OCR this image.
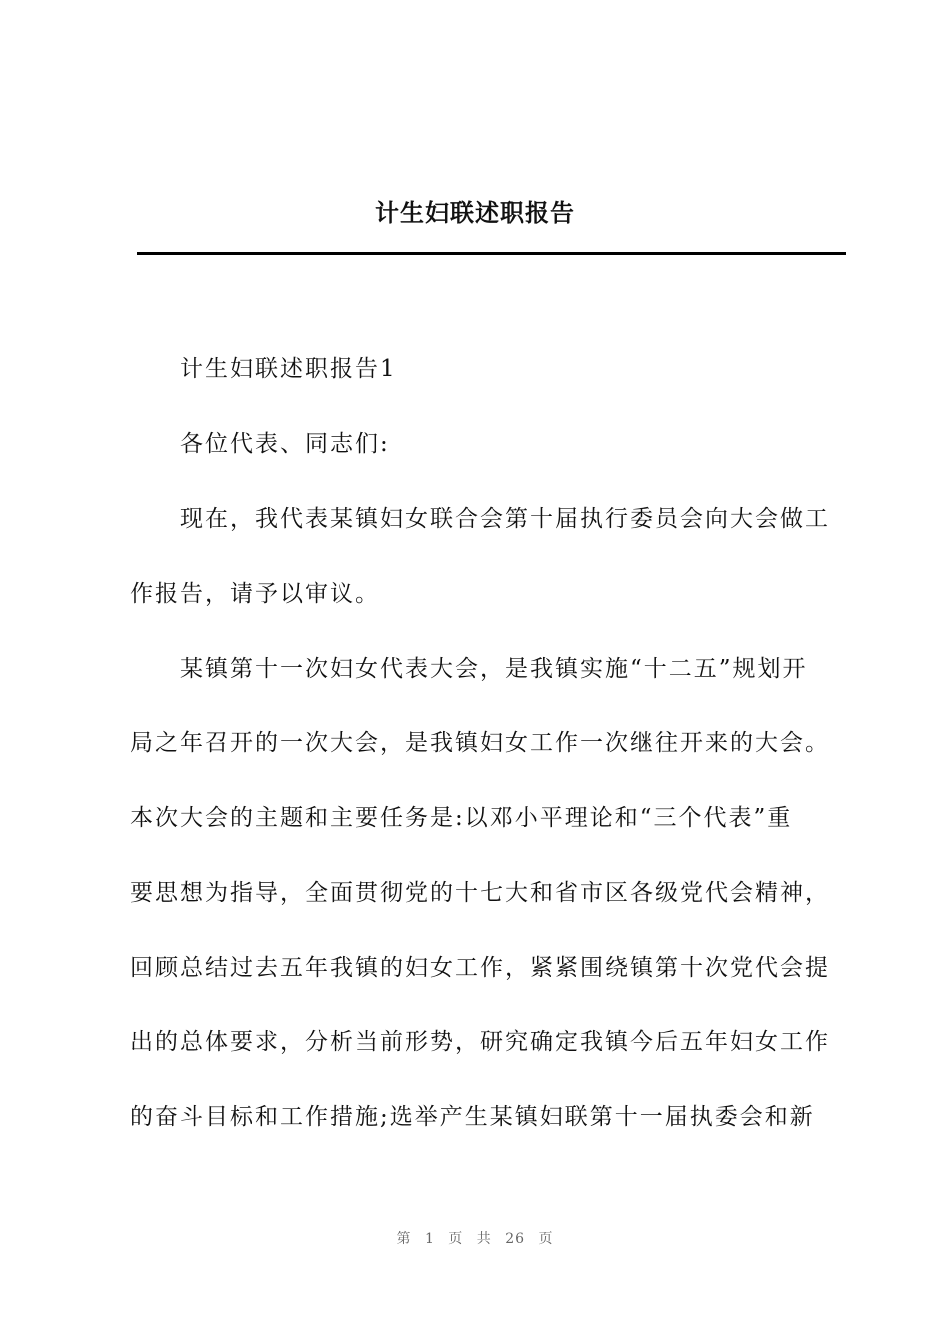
计生妇联述职报告
计生妇联述职报告1
各位代表、同志们:
现在，我代表某镇妇女联合会第十届执行委员会向大会做工
作报告，请予以审议。
某镇第十一次妇女代表大会，是我镇实施“十二五”规划开
局之年召开的一次大会，是我镇妇女工作一次继往开来的大会。
本次大会的主题和主要任务是:以邓小平理论和“三个代表”重
要思想为指导，全面贯彻党的十七大和省市区各级党代会精神，
回顾总结过去五年我镇的妇女工作，紧紧围绕镇第十次党代会提
出的总体要求，分析当前形势，研究确定我镇今后五年妇女工作
的奋斗目标和工作措施;选举产生某镇妇联第十一届执委会和新
第 1 页 共 26 页
